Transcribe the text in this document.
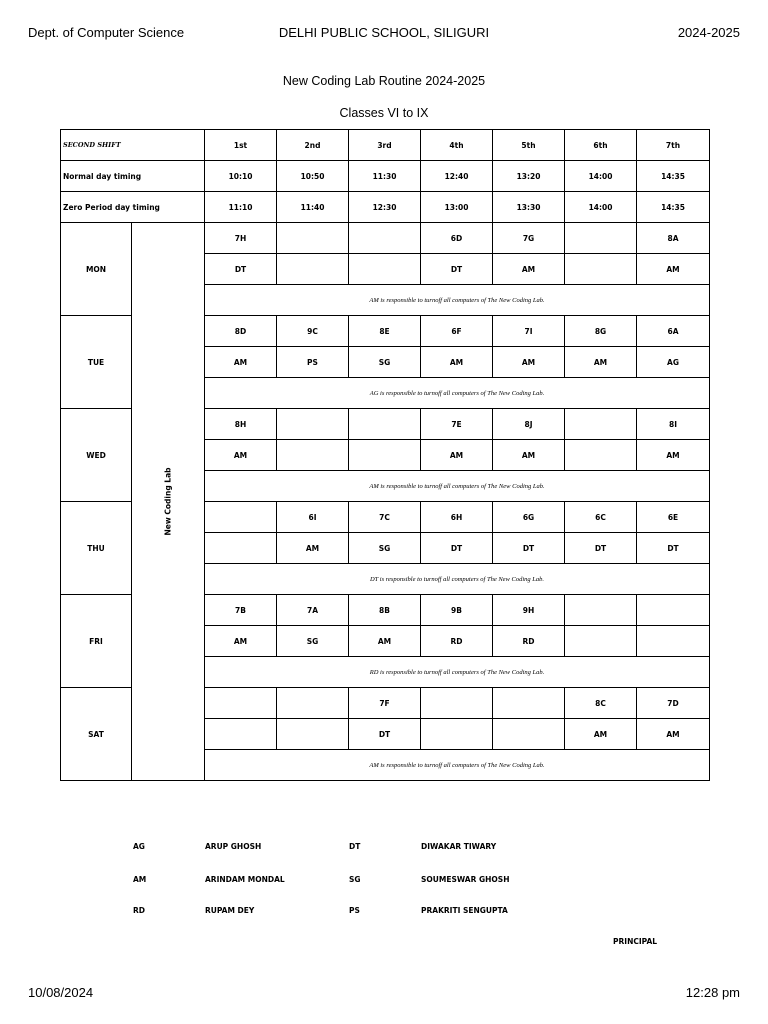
Dept. of Computer Science	DELHI PUBLIC SCHOOL, SILIGURI	2024-2025
New Coding Lab Routine 2024-2025
Classes VI to IX
SECOND SHIFT		1st	2nd	3rd	4th	5th	6th	7th
Normal day timing		10:10	10:50	11:30	12:40	13:20	14:00	14:35
Zero Period day timing		11:10	11:40	12:30	13:00	13:30	14:00	14:35
MON	New Coding Lab	7H			6D	7G		8A
		DT			DT	AM		AM
		AM is responsible to turnoff all computers of The New Coding Lab.						
TUE		8D	9C	8E	6F	7I	8G	6A
		AM	PS	SG	AM	AM	AM	AG
		AG is responsible to turnoff all computers of The New Coding Lab.						
WED		8H			7E	8J		8I
		AM			AM	AM		AM
		AM is responsible to turnoff all computers of The New Coding Lab.						
THU			6I	7C	6H	6G	6C	6E
			AM	SG	DT	DT	DT	DT
		DT is responsible to turnoff all computers of The New Coding Lab.						
FRI		7B	7A	8B	9B	9H		
		AM	SG	AM	RD	RD		
		RD is responsible to turnoff all computers of The New Coding Lab.						
SAT				7F			8C	7D
				DT			AM	AM
		AM is responsible to turnoff all computers of The New Coding Lab.						
AG	ARUP GHOSH	DT	DIWAKAR TIWARY
AM	ARINDAM MONDAL	SG	SOUMESWAR GHOSH
RD	RUPAM DEY	PS	PRAKRITI SENGUPTA
PRINCIPAL
10/08/2024	12:28 pm
